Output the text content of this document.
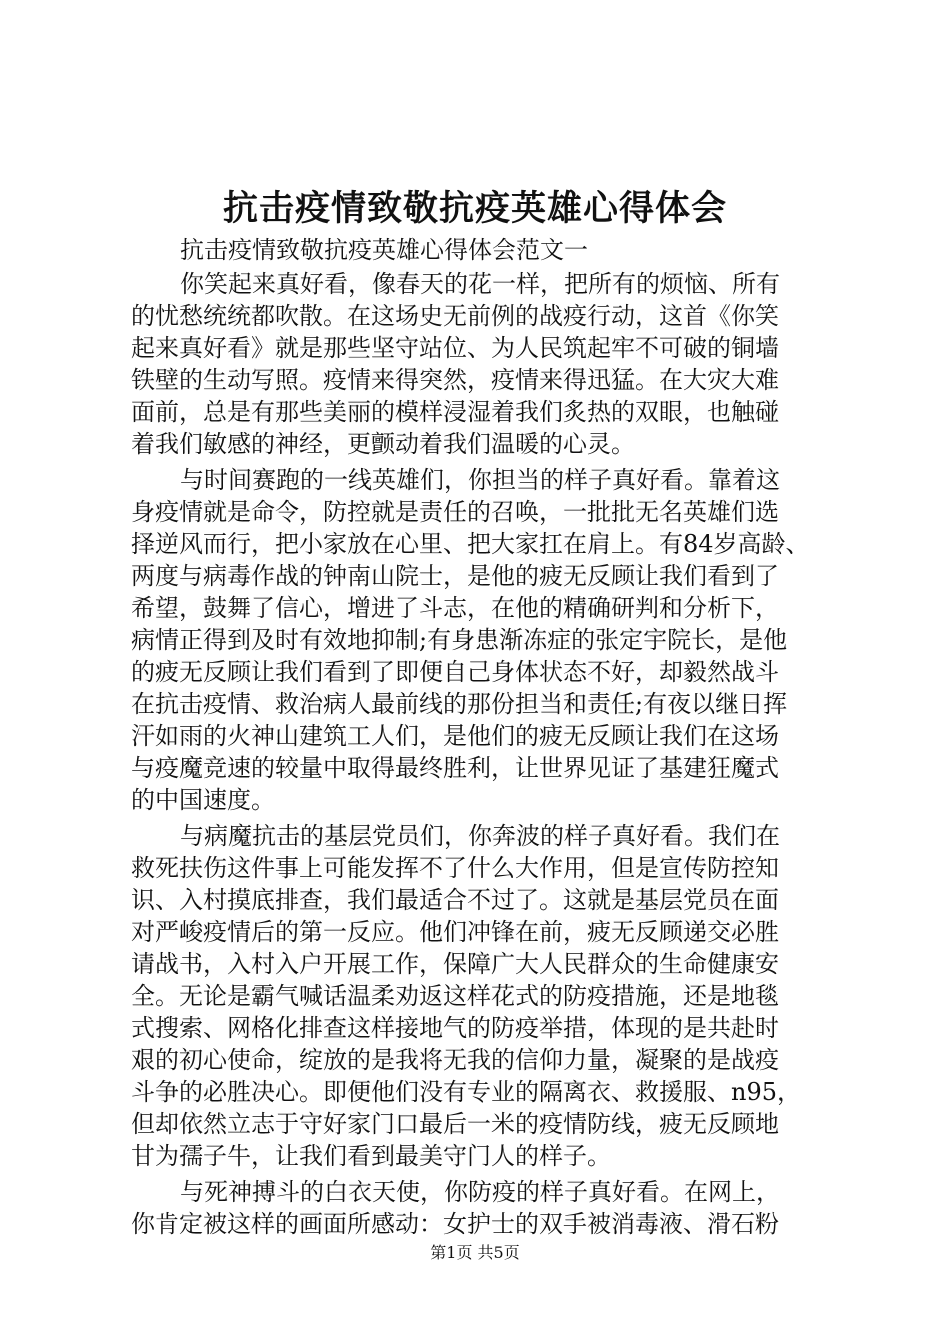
抗击疫情致敬抗疫英雄心得体会
抗击疫情致敬抗疫英雄心得体会范文一
你笑起来真好看，像春天的花一样，把所有的烦恼、所有
的忧愁统统都吹散。在这场史无前例的战疫行动，这首《你笑
起来真好看》就是那些坚守站位、为人民筑起牢不可破的铜墙
铁壁的生动写照。疫情来得突然，疫情来得迅猛。在大灾大难
面前，总是有那些美丽的模样浸湿着我们炙热的双眼，也触碰
着我们敏感的神经，更颤动着我们温暖的心灵。
与时间赛跑的一线英雄们，你担当的样子真好看。靠着这
身疫情就是命令，防控就是责任的召唤，一批批无名英雄们选
择逆风而行，把小家放在心里、把大家扛在肩上。有84岁高龄、
两度与病毒作战的钟南山院士，是他的疲无反顾让我们看到了
希望，鼓舞了信心，增进了斗志，在他的精确研判和分析下，
病情正得到及时有效地抑制;有身患渐冻症的张定宇院长，是他
的疲无反顾让我们看到了即便自己身体状态不好，却毅然战斗
在抗击疫情、救治病人最前线的那份担当和责任;有夜以继日挥
汗如雨的火神山建筑工人们，是他们的疲无反顾让我们在这场
与疫魔竞速的较量中取得最终胜利，让世界见证了基建狂魔式
的中国速度。
与病魔抗击的基层党员们，你奔波的样子真好看。我们在
救死扶伤这件事上可能发挥不了什么大作用，但是宣传防控知
识、入村摸底排查，我们最适合不过了。这就是基层党员在面
对严峻疫情后的第一反应。他们冲锋在前，疲无反顾递交必胜
请战书，入村入户开展工作，保障广大人民群众的生命健康安
全。无论是霸气喊话温柔劝返这样花式的防疫措施，还是地毯
式搜索、网格化排查这样接地气的防疫举措，体现的是共赴时
艰的初心使命，绽放的是我将无我的信仰力量，凝聚的是战疫
斗争的必胜决心。即便他们没有专业的隔离衣、救援服、n95，
但却依然立志于守好家门口最后一米的疫情防线，疲无反顾地
甘为孺子牛，让我们看到最美守门人的样子。
与死神搏斗的白衣天使，你防疫的样子真好看。在网上，
你肯定被这样的画面所感动：女护士的双手被消毒液、滑石粉
第1页 共5页
